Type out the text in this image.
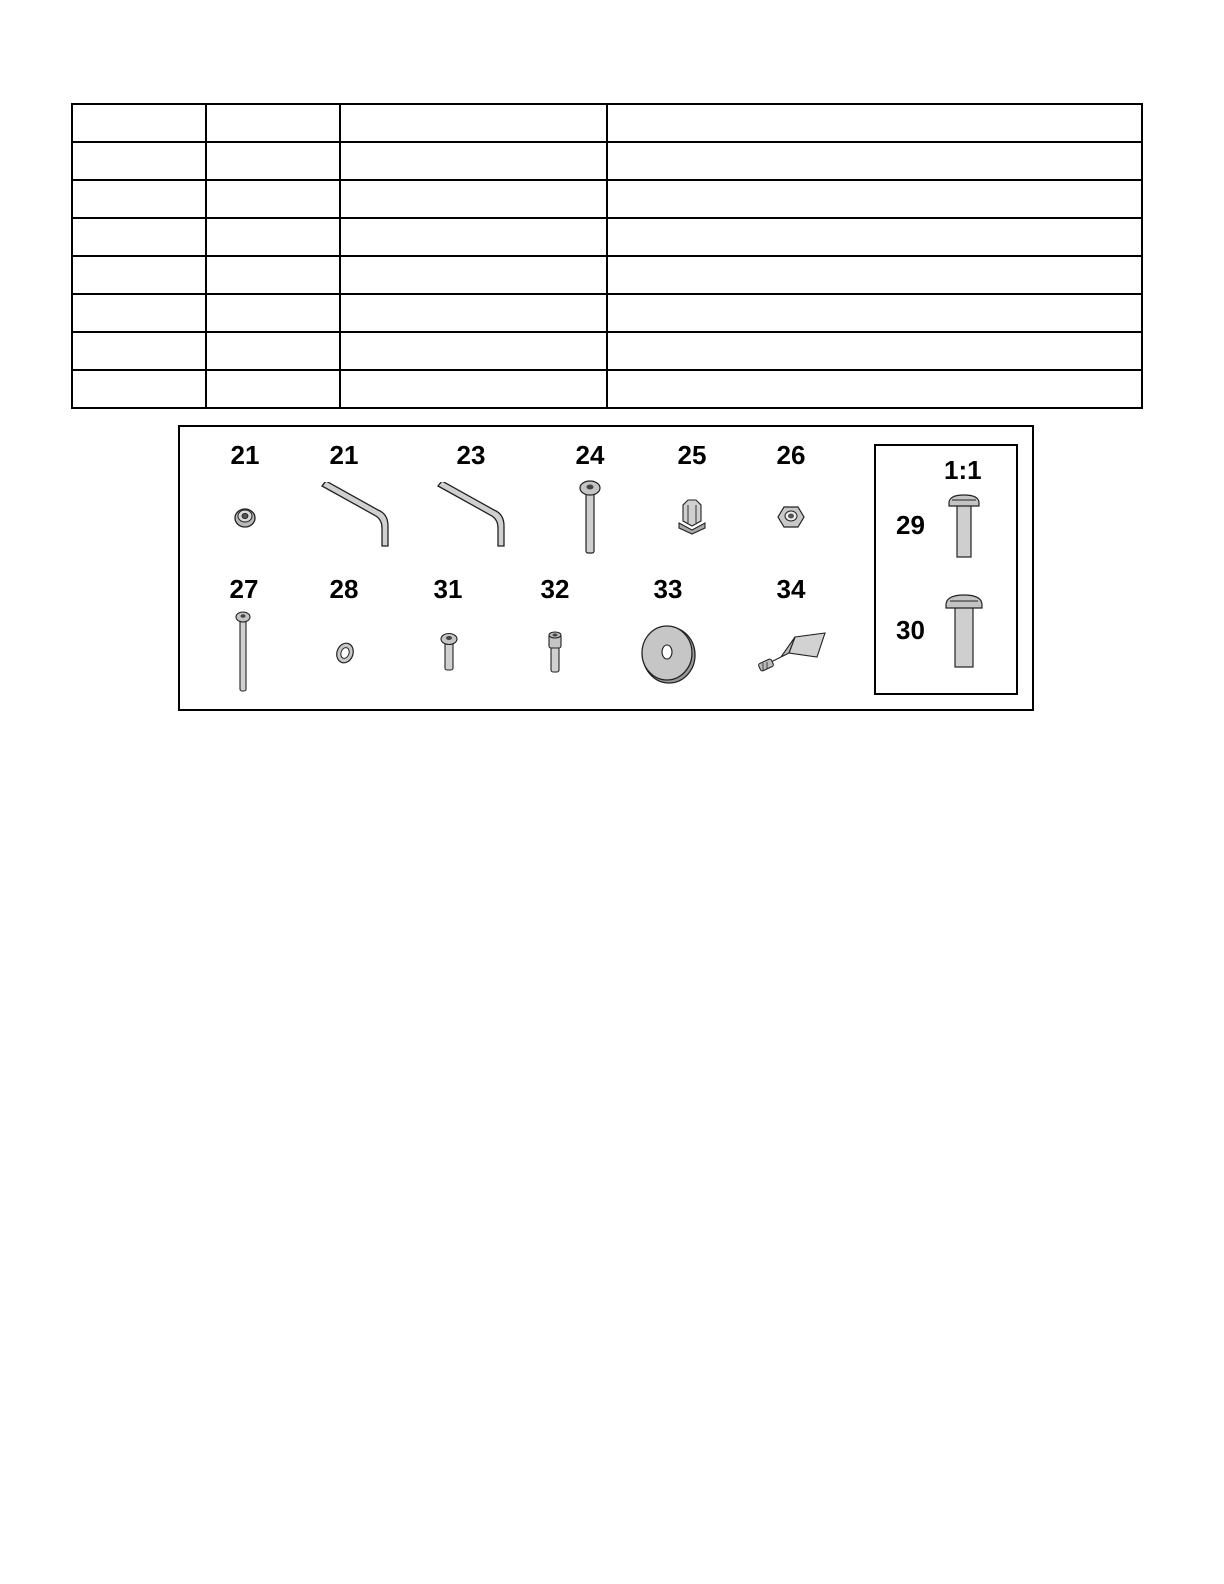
21	21	23	24	25	26
27	28	31	32	33	34
1:1
29
30
